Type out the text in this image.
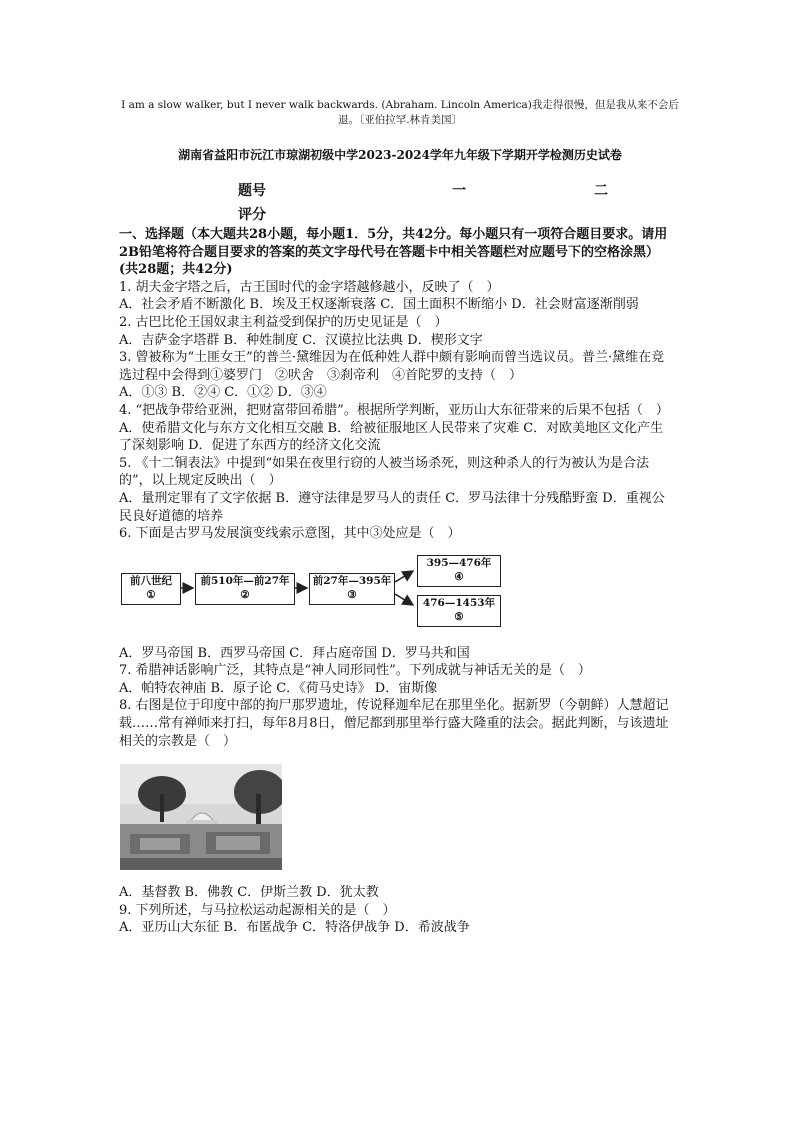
I am a slow walker, but I never walk backwards. (Abraham. Lincoln America)我走得很慢，但是我从来不会后退。〔亚伯拉罕.林肯美国〕
湖南省益阳市沅江市琼湖初级中学2023-2024学年九年级下学期开学检测历史试卷
题号	一	二
评分

一、选择题（本大题共28小题，每小题1．5分，共42分。每小题只有一项符合题目要求。请用2B铅笔将符合题目要求的答案的英文字母代号在答题卡中相关答题栏对应题号下的空格涂黑）(共28题；共42分)

1. 胡夫金字塔之后，古王国时代的金字塔越修越小，反映了（　）

A．社会矛盾不断激化 B．埃及王权逐渐衰落 C．国土面积不断缩小 D．社会财富逐渐削弱

2. 古巴比伦王国奴隶主利益受到保护的历史见证是（　）

A．吉萨金字塔群 B．种姓制度 C．汉谟拉比法典 D．楔形文字

3. 曾被称为“土匪女王”的普兰·黛维因为在低种姓人群中颇有影响而曾当选议员。普兰·黛维在竞选过程中会得到①婆罗门　②吠舍　③刹帝利　④首陀罗的支持（　）

A．①③ B．②④ C．①② D．③④

4. “把战争带给亚洲，把财富带回希腊”。根据所学判断，亚历山大东征带来的后果不包括（　）

A．使希腊文化与东方文化相互交融 B．给被征服地区人民带来了灾难 C．对欧美地区文化产生了深刻影响 D．促进了东西方的经济文化交流

5. 《十二铜表法》中提到“如果在夜里行窃的人被当场杀死，则这种杀人的行为被认为是合法的”，以上规定反映出（　）

A．量刑定罪有了文字依据 B．遵守法律是罗马人的责任 C．罗马法律十分残酷野蛮 D．重视公民良好道德的培养

6. 下面是古罗马发展演变线索示意图，其中③处应是（　）

前八世纪
①
前510年—前27年
②
前27年—395年
③
395—476年
④
476—1453年
⑤

A．罗马帝国 B．西罗马帝国 C．拜占庭帝国 D．罗马共和国

7. 希腊神话影响广泛，其特点是“神人同形同性”。下列成就与神话无关的是（　）

A．帕特农神庙 B．原子论 C．《荷马史诗》 D．宙斯像

8. 右图是位于印度中部的拘尸那罗遗址，传说释迦牟尼在那里坐化。据新罗（今朝鲜）人慧超记载……常有禅师来打扫，每年8月8日，僧尼都到那里举行盛大隆重的法会。据此判断，与该遗址相关的宗教是（　）

A．基督教 B．佛教 C．伊斯兰教 D．犹太教

9. 下列所述，与马拉松运动起源相关的是（　）

A．亚历山大东征 B．布匿战争 C．特洛伊战争 D．希波战争
